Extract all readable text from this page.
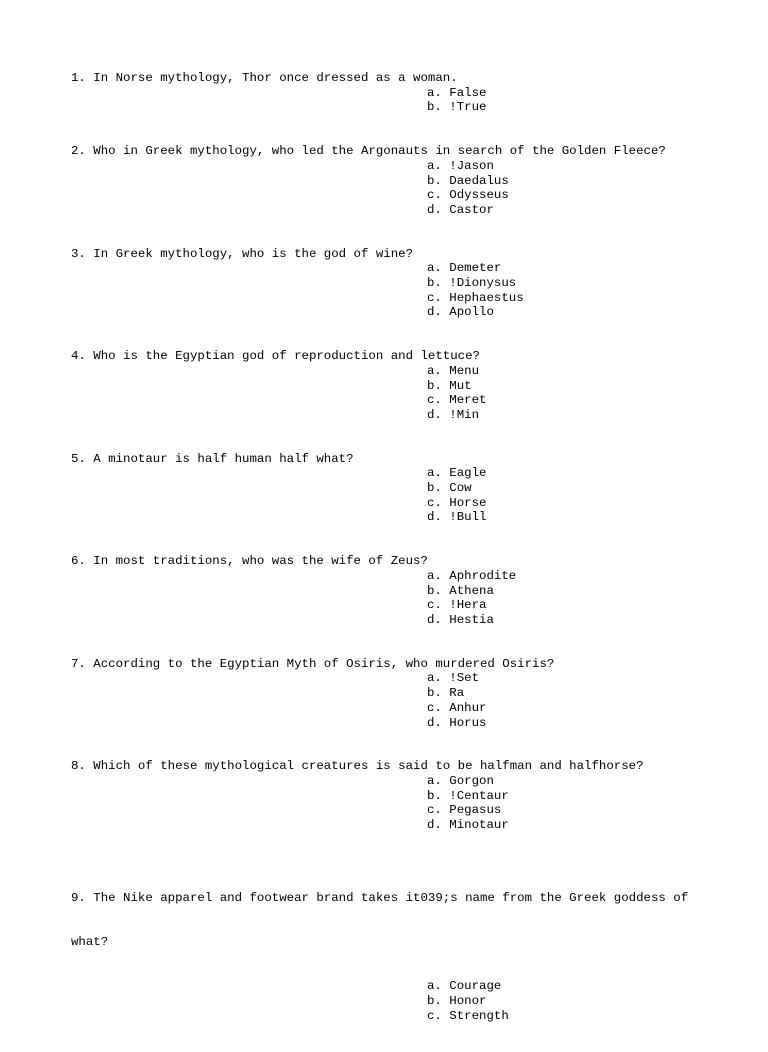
1. In Norse mythology, Thor once dressed as a woman.
a. False
b. !True
2. Who in Greek mythology, who led the Argonauts in search of the Golden Fleece?
a. !Jason
b. Daedalus
c. Odysseus
d. Castor
3. In Greek mythology, who is the god of wine?
a. Demeter
b. !Dionysus
c. Hephaestus
d. Apollo
4. Who is the Egyptian god of reproduction and lettuce?
a. Menu
b. Mut
c. Meret
d. !Min
5. A minotaur is half human half what?
a. Eagle
b. Cow
c. Horse
d. !Bull
6. In most traditions, who was the wife of Zeus?
a. Aphrodite
b. Athena
c. !Hera
d. Hestia
7. According to the Egyptian Myth of Osiris, who murdered Osiris?
a. !Set
b. Ra
c. Anhur
d. Horus
8. Which of these mythological creatures is said to be halfman and halfhorse?
a. Gorgon
b. !Centaur
c. Pegasus
d. Minotaur

9. The Nike apparel and footwear brand takes it039;s name from the Greek goddess of

what?

a. Courage
b. Honor
c. Strength
